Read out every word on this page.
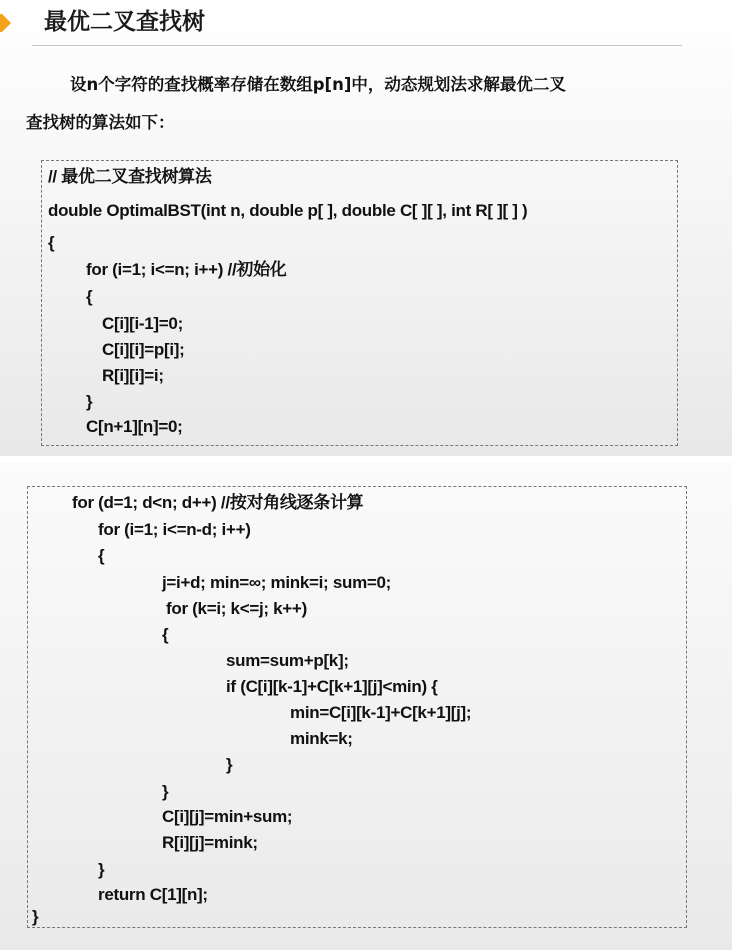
最优二叉查找树
设n个字符的查找概率存储在数组p[n]中，动态规划法求解最优二叉
查找树的算法如下：
// 最优二叉查找树算法
double OptimalBST(int n, double p[ ], double C[ ][ ], int R[ ][ ] )
{
for (i=1; i<=n; i++) //初始化
{
C[i][i-1]=0;
C[i][i]=p[i];
R[i][i]=i;
}
C[n+1][n]=0;
for (d=1; d<n; d++) //按对角线逐条计算
for (i=1; i<=n-d; i++)
{
j=i+d; min=∞; mink=i; sum=0;
for (k=i; k<=j; k++)
{
sum=sum+p[k];
if (C[i][k-1]+C[k+1][j]<min) {
min=C[i][k-1]+C[k+1][j];
mink=k;
}
}
C[i][j]=min+sum;
R[i][j]=mink;
}
return C[1][n];
}
